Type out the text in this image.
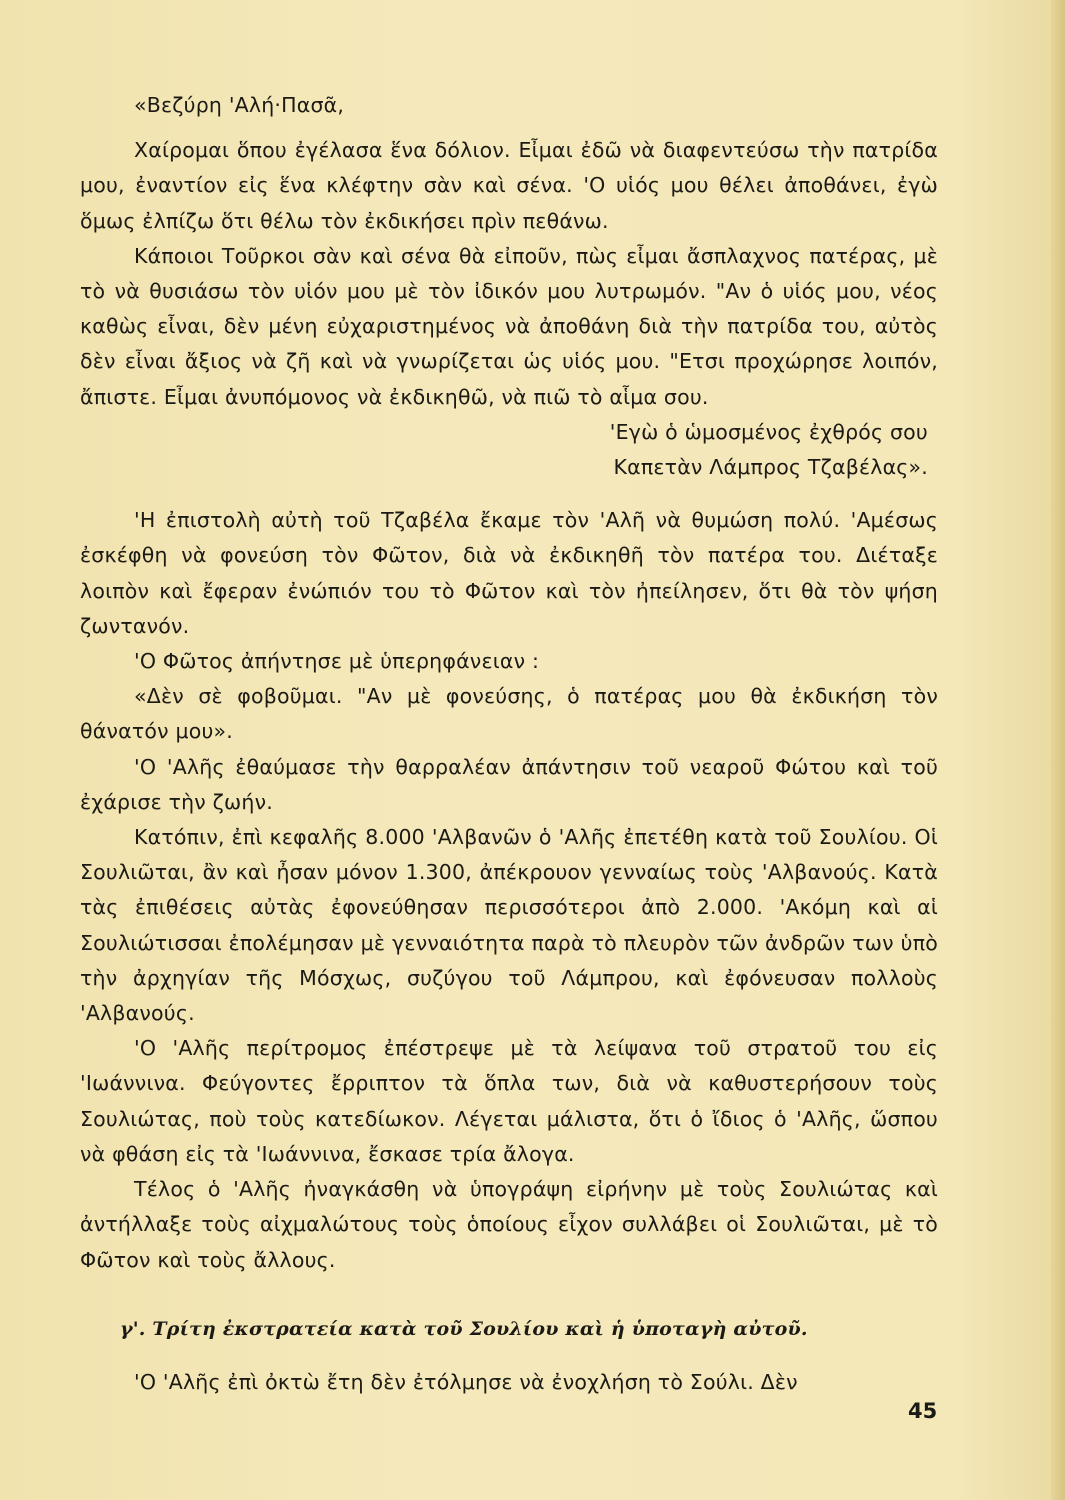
«Βεζύρη 'Αλή·Πασᾶ,

Χαίρομαι ὅπου ἐγέλασα ἕνα δόλιον. Εἶμαι ἐδῶ νὰ διαφεντεύσω τὴν πατρίδα μου, ἐναντίον εἰς ἕνα κλέφτην σὰν καὶ σένα. 'Ο υἱός μου θέλει ἀποθάνει, ἐγὼ ὅμως ἐλπίζω ὅτι θέλω τὸν ἐκδικήσει πρὶν πεθάνω.

Κάποιοι Τοῦρκοι σὰν καὶ σένα θὰ εἰποῦν, πὼς εἶμαι ἄσπλαχνος πατέρας, μὲ τὸ νὰ θυσιάσω τὸν υἱόν μου μὲ τὸν ἰδικόν μου λυτρωμόν. "Αν ὁ υἱός μου, νέος καθὼς εἶναι, δὲν μένη εὐχαριστημένος νὰ ἀποθάνη διὰ τὴν πατρίδα του, αὐτὸς δὲν εἶναι ἄξιος νὰ ζῆ καὶ νὰ γνωρίζεται ὡς υἱός μου. "Ετσι προχώρησε λοιπόν, ἄπιστε. Εἶμαι ἀνυπόμονος νὰ ἐκδικηθῶ, νὰ πιῶ τὸ αἷμα σου.

'Εγὼ ὁ ὡμοσμένος ἐχθρός σου

Καπετὰν Λάμπρος Τζαβέλας».

'Η ἐπιστολὴ αὐτὴ τοῦ Τζαβέλα ἔκαμε τὸν 'Αλῆ νὰ θυμώση πολύ. 'Αμέσως ἐσκέφθη νὰ φονεύση τὸν Φῶτον, διὰ νὰ ἐκδικηθῆ τὸν πατέρα του. Διέταξε λοιπὸν καὶ ἔφεραν ἐνώπιόν του τὸ Φῶτον καὶ τὸν ἠπείλησεν, ὅτι θὰ τὸν ψήση ζωντανόν.

'Ο Φῶτος ἀπήντησε μὲ ὑπερηφάνειαν :

«Δὲν σὲ φοβοῦμαι. "Αν μὲ φονεύσης, ὁ πατέρας μου θὰ ἐκδικήση τὸν θάνατόν μου».

'Ο 'Αλῆς ἐθαύμασε τὴν θαρραλέαν ἀπάντησιν τοῦ νεαροῦ Φώτου καὶ τοῦ ἐχάρισε τὴν ζωήν.

Κατόπιν, ἐπὶ κεφαλῆς 8.000 'Αλβανῶν ὁ 'Αλῆς ἐπετέθη κατὰ τοῦ Σουλίου. Οἱ Σουλιῶται, ἂν καὶ ἦσαν μόνον 1.300, ἀπέκρουον γενναίως τοὺς 'Αλβανούς. Κατὰ τὰς ἐπιθέσεις αὐτὰς ἐφονεύθησαν περισσότεροι ἀπὸ 2.000. 'Ακόμη καὶ αἱ Σουλιώτισσαι ἐπολέμησαν μὲ γενναιότητα παρὰ τὸ πλευρὸν τῶν ἀνδρῶν των ὑπὸ τὴν ἀρχηγίαν τῆς Μόσχως, συζύγου τοῦ Λάμπρου, καὶ ἐφόνευσαν πολλοὺς 'Αλβανούς.

'Ο 'Αλῆς περίτρομος ἐπέστρεψε μὲ τὰ λείψανα τοῦ στρατοῦ του εἰς 'Ιωάννινα. Φεύγοντες ἔρριπτον τὰ ὅπλα των, διὰ νὰ καθυστερήσουν τοὺς Σουλιώτας, ποὺ τοὺς κατεδίωκον. Λέγεται μάλιστα, ὅτι ὁ ἴδιος ὁ 'Αλῆς, ὥσπου νὰ φθάση εἰς τὰ 'Ιωάννινα, ἔσκασε τρία ἄλογα.

Τέλος ὁ 'Αλῆς ἠναγκάσθη νὰ ὑπογράψη εἰρήνην μὲ τοὺς Σουλιώτας καὶ ἀντήλλαξε τοὺς αἰχμαλώτους τοὺς ὁποίους εἶχον συλλάβει οἱ Σουλιῶται, μὲ τὸ Φῶτον καὶ τοὺς ἄλλους.

γ'. Τρίτη ἐκστρατεία κατὰ τοῦ Σουλίου καὶ ἡ ὑποταγὴ αὐτοῦ.

'Ο 'Αλῆς ἐπὶ ὀκτὼ ἔτη δὲν ἐτόλμησε νὰ ἐνοχλήση τὸ Σούλι. Δὲν

45
